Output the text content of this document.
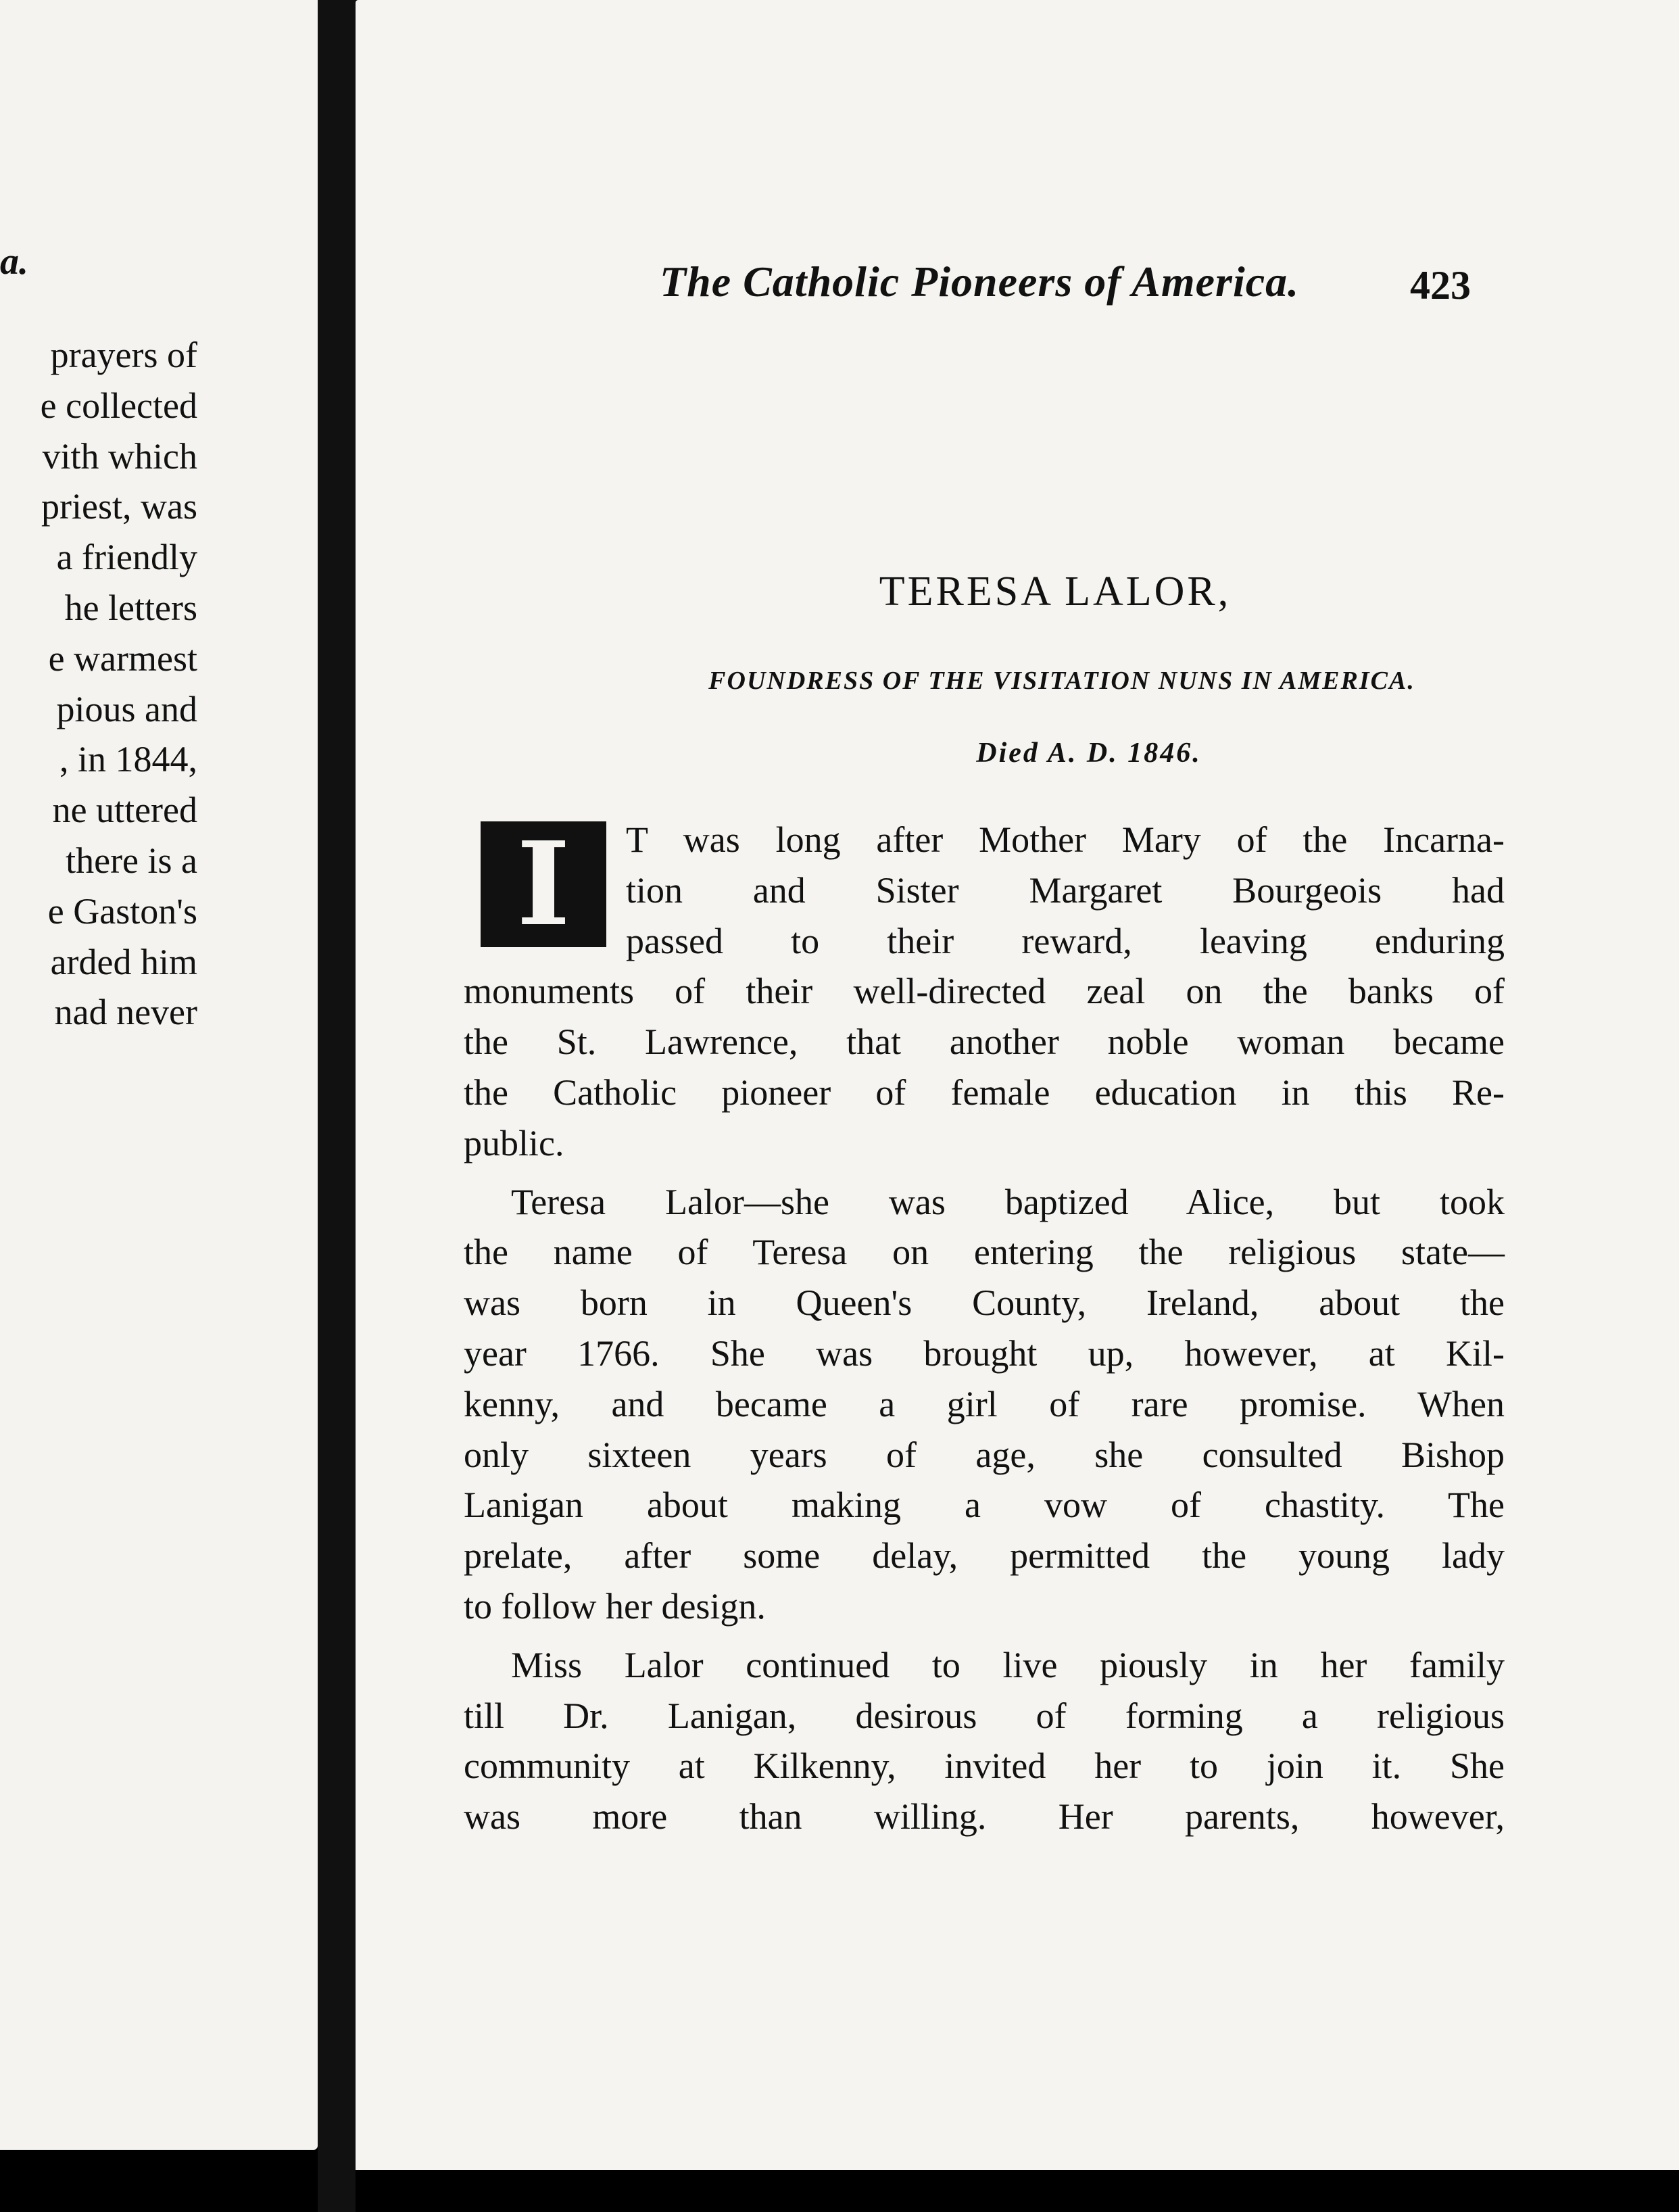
a.
prayers of
e collected
vith which
priest, was
a friendly
he letters
e warmest
pious and
, in 1844,
ne uttered
there is a
e Gaston's
arded him
nad never
The Catholic Pioneers of America.	423
TERESA LALOR,
FOUNDRESS OF THE VISITATION NUNS IN AMERICA.
Died A. D. 1846.
I	T was long after Mother Mary of the Incarna-
tion and Sister Margaret Bourgeois had
passed to their reward, leaving enduring
monuments of their well-directed zeal on the banks of
the St. Lawrence, that another noble woman became
the Catholic pioneer of female education in this Re-
public.
Teresa Lalor—she was baptized Alice, but took
the name of Teresa on entering the religious state—
was born in Queen's County, Ireland, about the
year 1766. She was brought up, however, at Kil-
kenny, and became a girl of rare promise. When
only sixteen years of age, she consulted Bishop
Lanigan about making a vow of chastity. The
prelate, after some delay, permitted the young lady
to follow her design.
Miss Lalor continued to live piously in her family
till Dr. Lanigan, desirous of forming a religious
community at Kilkenny, invited her to join it. She
was more than willing. Her parents, however,
